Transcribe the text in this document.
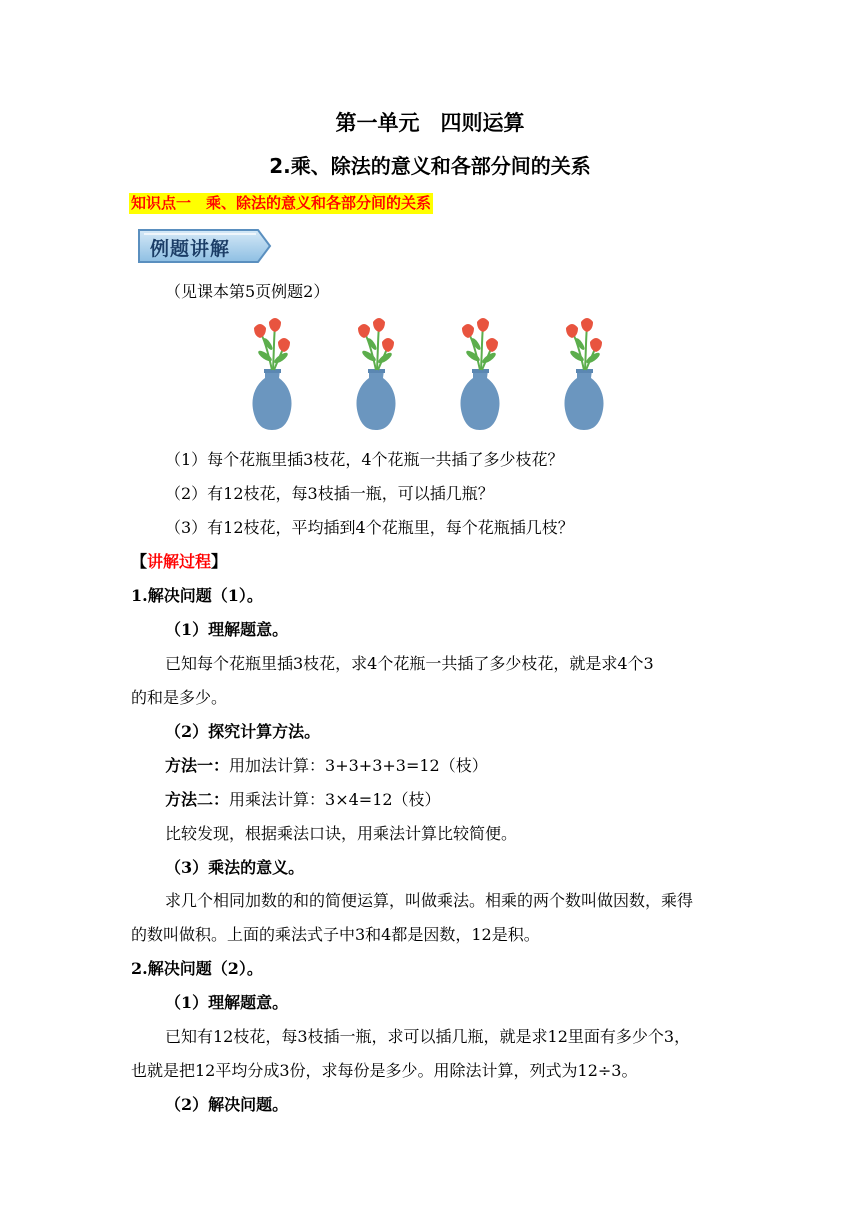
第一单元　四则运算
2.乘、除法的意义和各部分间的关系
知识点一　乘、除法的意义和各部分间的关系
例题讲解
（见课本第5页例题2）
（1）每个花瓶里插3枝花，4个花瓶一共插了多少枝花？
（2）有12枝花，每3枝插一瓶，可以插几瓶？
（3）有12枝花，平均插到4个花瓶里，每个花瓶插几枝？
【讲解过程】
1.解决问题（1）。
（1）理解题意。
已知每个花瓶里插3枝花，求4个花瓶一共插了多少枝花，就是求4个3
的和是多少。
（2）探究计算方法。
方法一：用加法计算：3+3+3+3=12（枝）
方法二：用乘法计算：3×4=12（枝）
比较发现，根据乘法口诀，用乘法计算比较简便。
（3）乘法的意义。
求几个相同加数的和的简便运算，叫做乘法。相乘的两个数叫做因数，乘得
的数叫做积。上面的乘法式子中3和4都是因数，12是积。
2.解决问题（2）。
（1）理解题意。
已知有12枝花，每3枝插一瓶，求可以插几瓶，就是求12里面有多少个3，
也就是把12平均分成3份，求每份是多少。用除法计算，列式为12÷3。
（2）解决问题。
